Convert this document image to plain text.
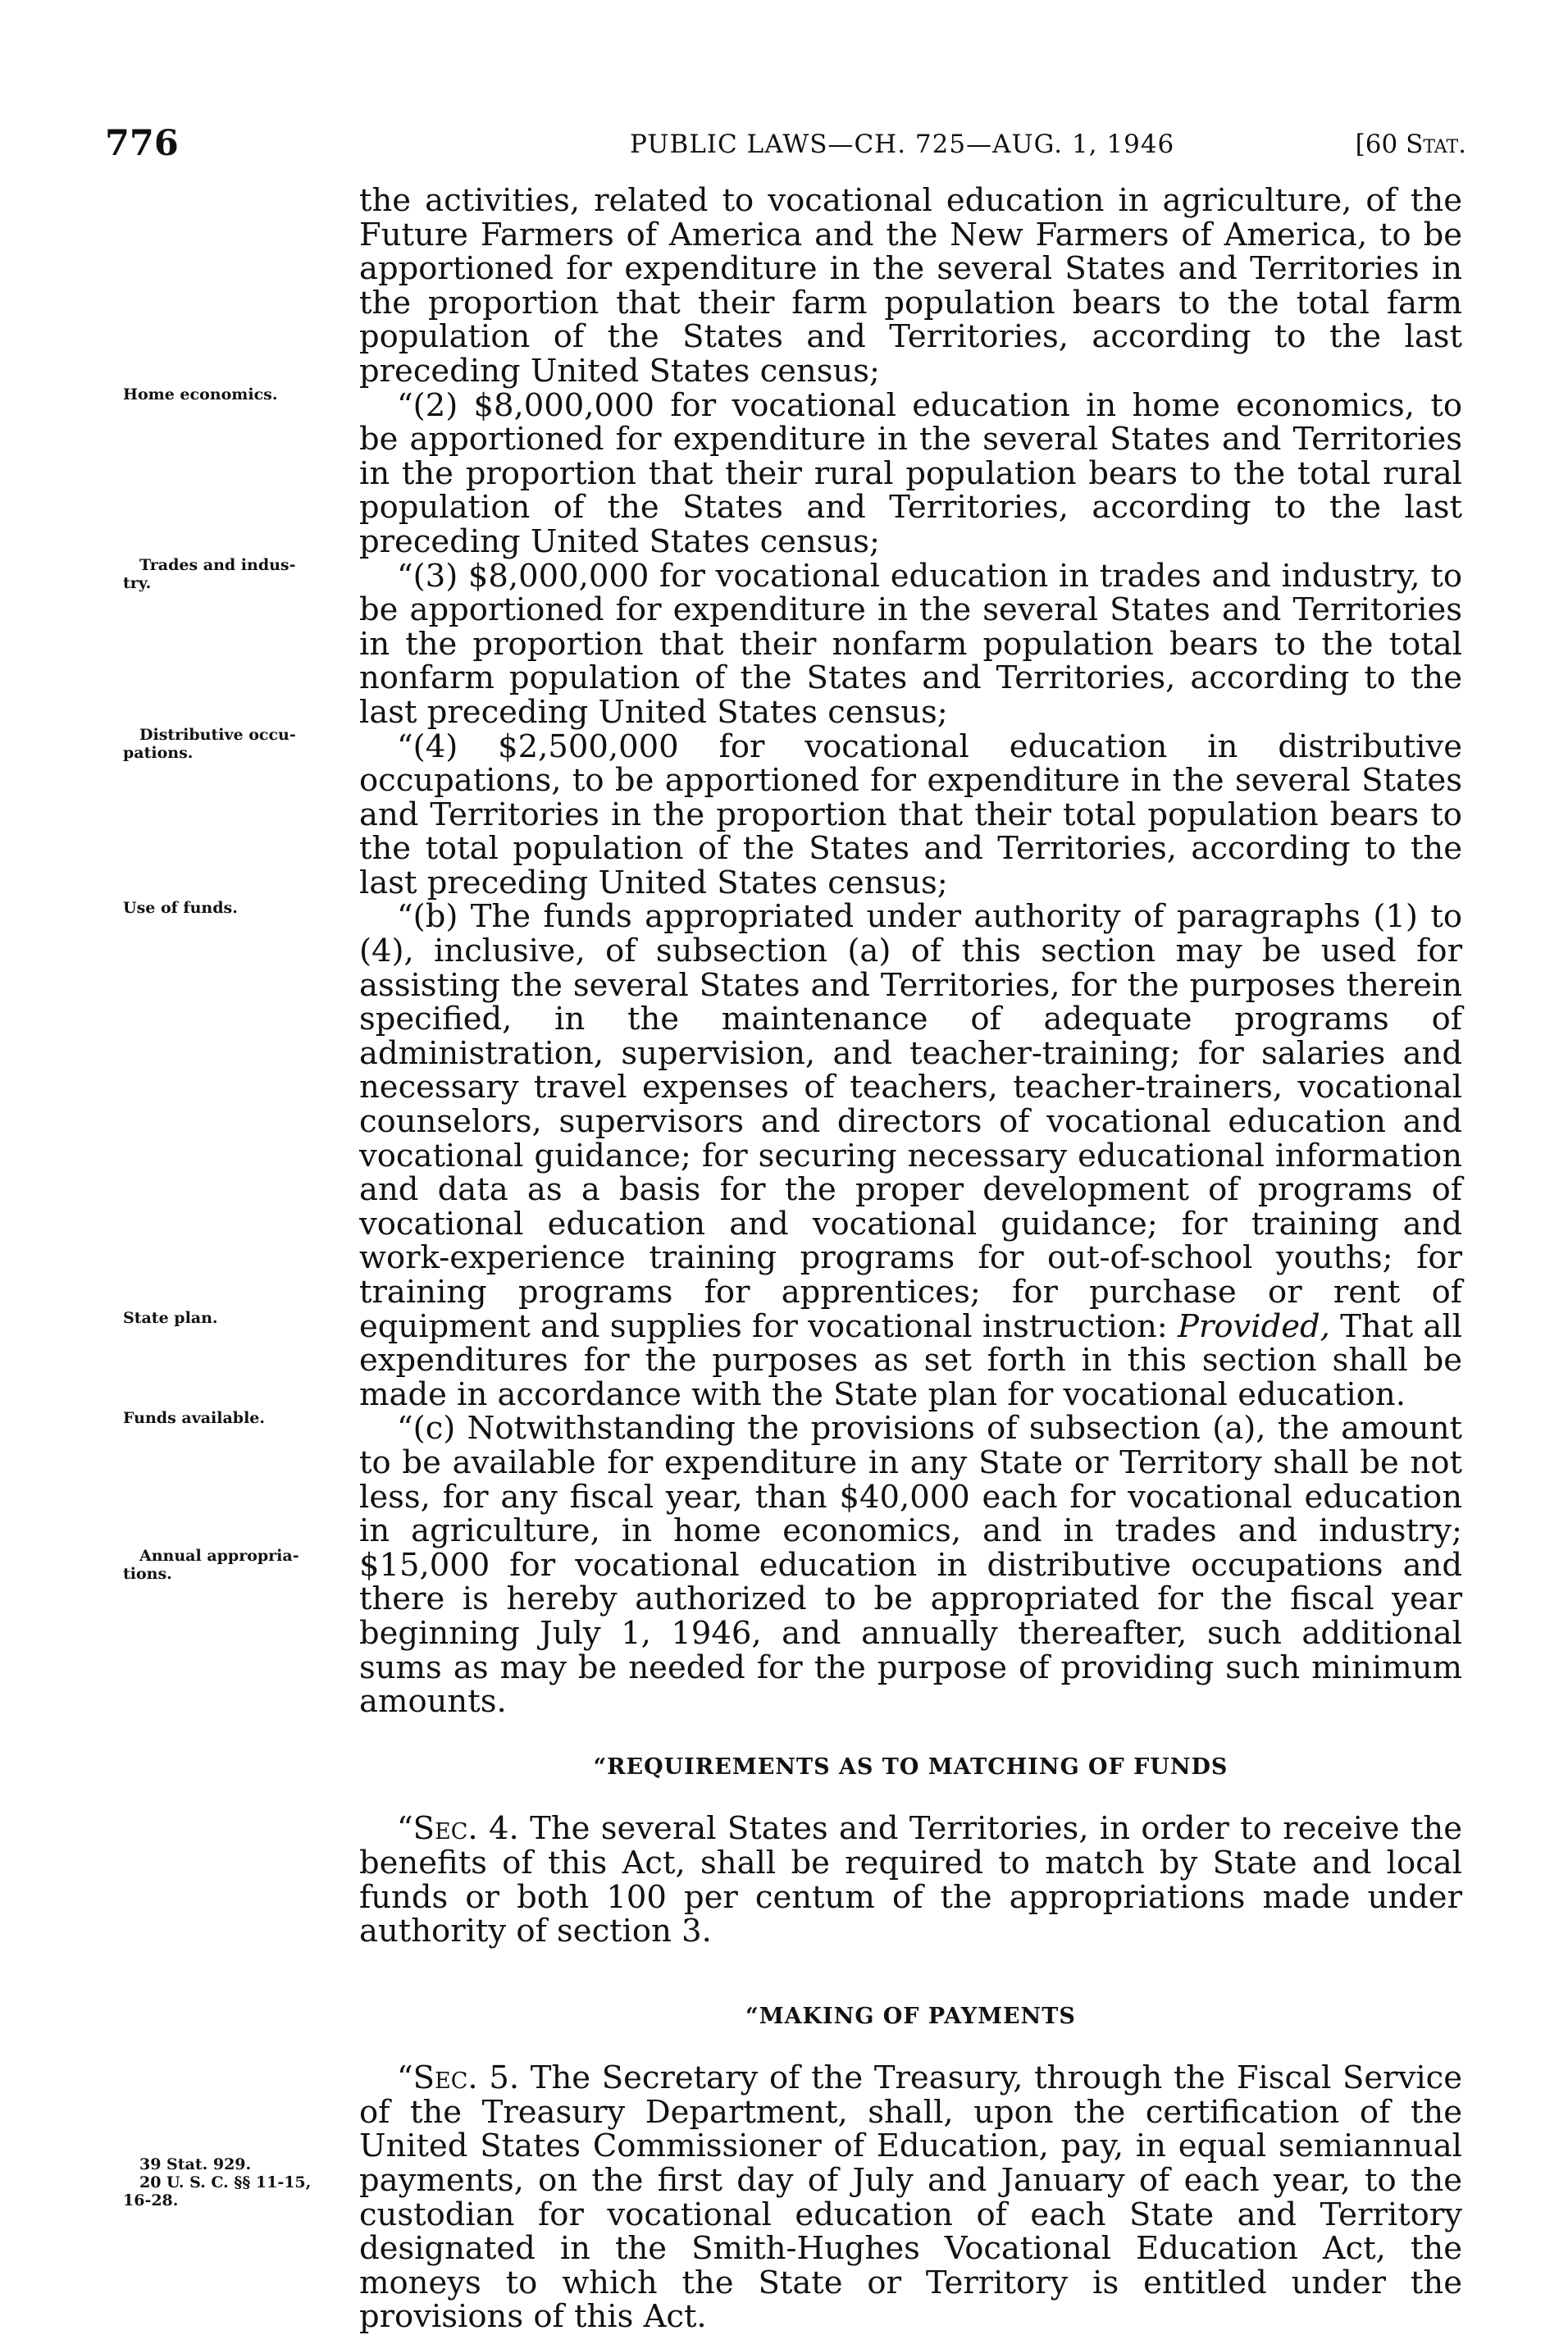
776	PUBLIC LAWS—CH. 725—AUG. 1, 1946	[60 Stat.
Home economics.
Trades and indus-
try.
Distributive occu-
pations.
Use of funds.
State plan.
Funds available.
Annual appropria-
tions.
39 Stat. 929.
20 U. S. C. §§ 11-15,
16-28.

the activities, related to vocational education in agriculture, of the Future Farmers of America and the New Farmers of America, to be apportioned for expenditure in the several States and Territories in the proportion that their farm population bears to the total farm population of the States and Territories, according to the last preceding United States census;

“(2) $8,000,000 for vocational education in home economics, to be apportioned for expenditure in the several States and Territories in the proportion that their rural population bears to the total rural population of the States and Territories, according to the last preceding United States census;

“(3) $8,000,000 for vocational education in trades and industry, to be apportioned for expenditure in the several States and Territories in the proportion that their nonfarm population bears to the total nonfarm population of the States and Territories, according to the last preceding United States census;

“(4) $2,500,000 for vocational education in distributive occupations, to be apportioned for expenditure in the several States and Territories in the proportion that their total population bears to the total population of the States and Territories, according to the last preceding United States census;

“(b) The funds appropriated under authority of paragraphs (1) to (4), inclusive, of subsection (a) of this section may be used for assisting the several States and Territories, for the purposes therein specified, in the maintenance of adequate programs of administration, supervision, and teacher-training; for salaries and necessary travel expenses of teachers, teacher-trainers, vocational counselors, supervisors and directors of vocational education and vocational guidance; for securing necessary educational information and data as a basis for the proper development of programs of vocational education and vocational guidance; for training and work-experience training programs for out-of-school youths; for training programs for apprentices; for purchase or rent of equipment and supplies for vocational instruction: Provided, That all expenditures for the purposes as set forth in this section shall be made in accordance with the State plan for vocational education.

“(c) Notwithstanding the provisions of subsection (a), the amount to be available for expenditure in any State or Territory shall be not less, for any fiscal year, than $40,000 each for vocational education in agriculture, in home economics, and in trades and industry; $15,000 for vocational education in distributive occupations and there is hereby authorized to be appropriated for the fiscal year beginning July 1, 1946, and annually thereafter, such additional sums as may be needed for the purpose of providing such minimum amounts.

“REQUIREMENTS AS TO MATCHING OF FUNDS

“Sec. 4. The several States and Territories, in order to receive the benefits of this Act, shall be required to match by State and local funds or both 100 per centum of the appropriations made under authority of section 3.

“MAKING OF PAYMENTS

“Sec. 5. The Secretary of the Treasury, through the Fiscal Service of the Treasury Department, shall, upon the certification of the United States Commissioner of Education, pay, in equal semiannual payments, on the first day of July and January of each year, to the custodian for vocational education of each State and Territory designated in the Smith-Hughes Vocational Education Act, the moneys to which the State or Territory is entitled under the provisions of this Act.
